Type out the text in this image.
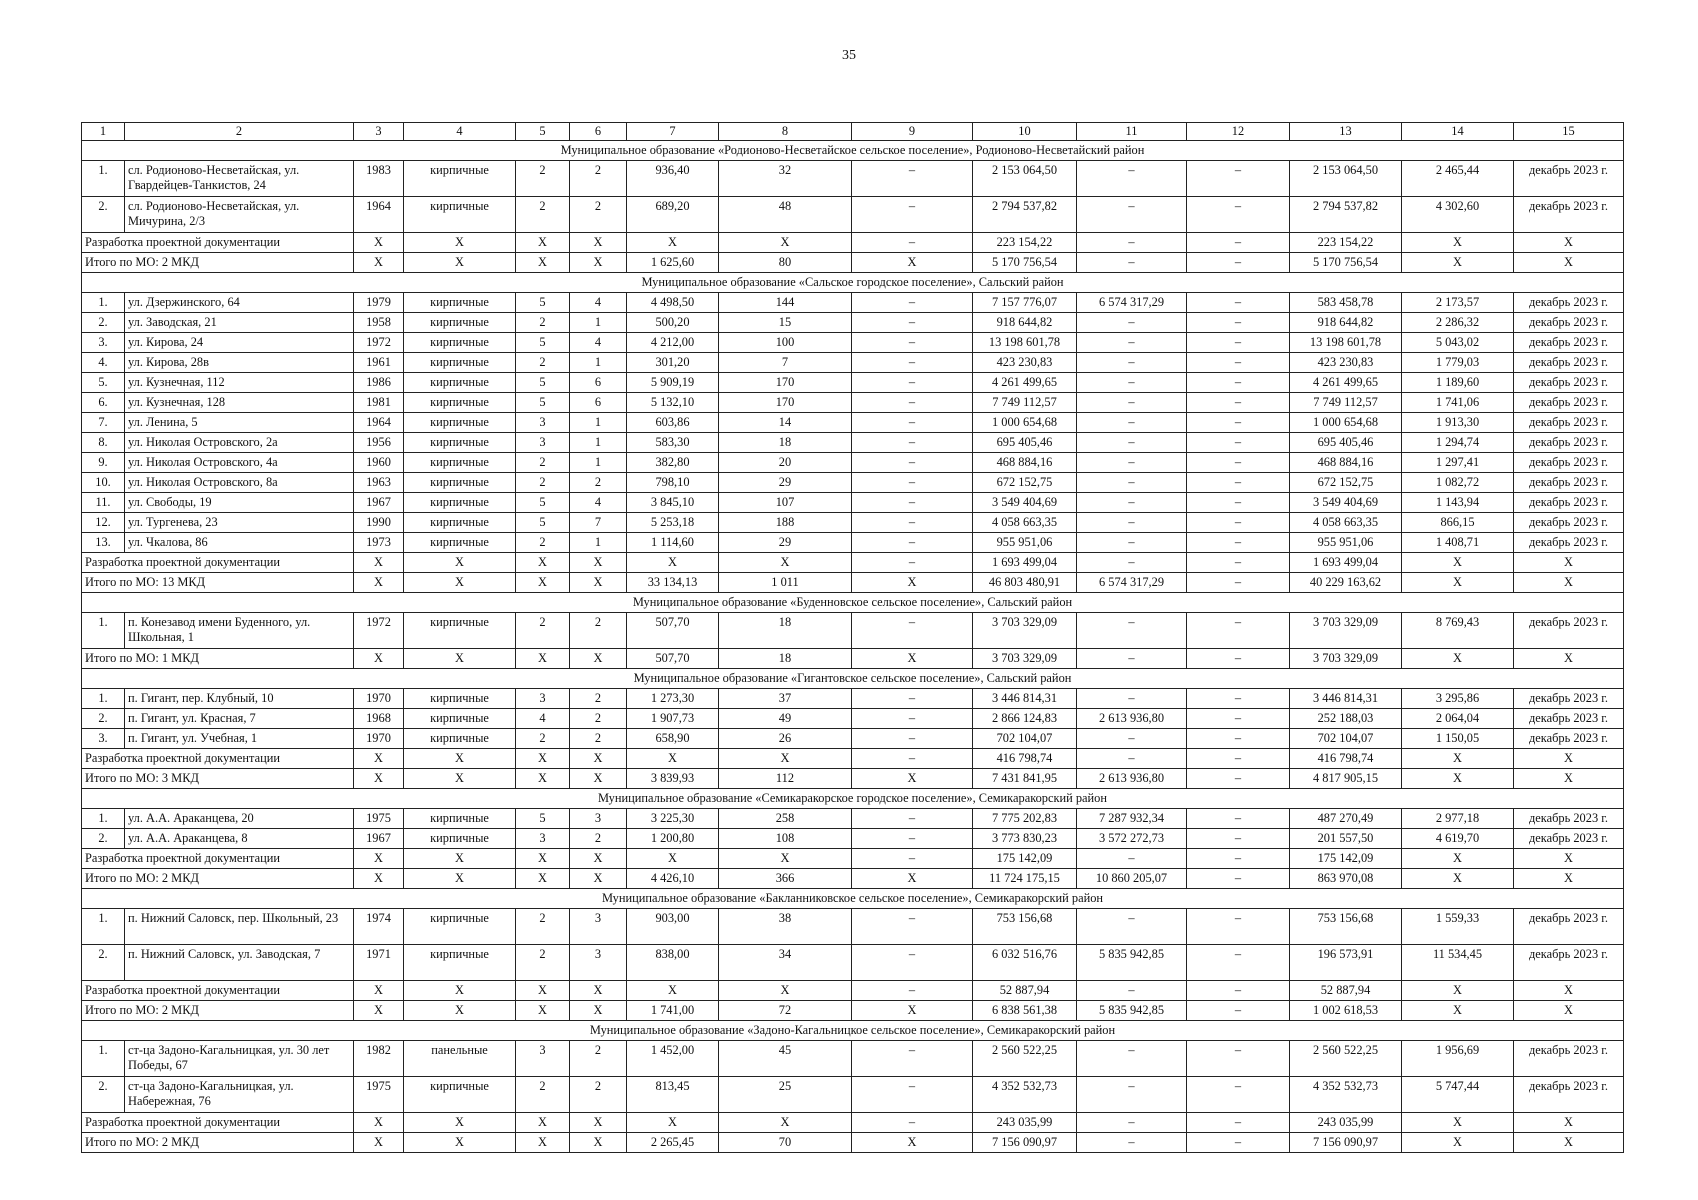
35
1	2	3	4	5	6	7	8	9	10	11	12	13	14	15
Муниципальное образование «Родионово-Несветайское сельское поселение», Родионово-Несветайский район														
1.	сл. Родионово-Несветайская, ул. Гвардейцев-Танкистов, 24	1983	кирпичные	2	2	936,40	32	–	2 153 064,50	–	–	2 153 064,50	2 465,44	декабрь 2023 г.
2.	сл. Родионово-Несветайская, ул. Мичурина, 2/3	1964	кирпичные	2	2	689,20	48	–	2 794 537,82	–	–	2 794 537,82	4 302,60	декабрь 2023 г.
Разработка проектной документации		X	X	X	X	X	X	–	223 154,22	–	–	223 154,22	X	X
Итого по МО: 2 МКД		X	X	X	X	1 625,60	80	X	5 170 756,54	–	–	5 170 756,54	X	X
Муниципальное образование «Сальское городское поселение», Сальский район														
1.	ул. Дзержинского, 64	1979	кирпичные	5	4	4 498,50	144	–	7 157 776,07	6 574 317,29	–	583 458,78	2 173,57	декабрь 2023 г.
2.	ул. Заводская, 21	1958	кирпичные	2	1	500,20	15	–	918 644,82	–	–	918 644,82	2 286,32	декабрь 2023 г.
3.	ул. Кирова, 24	1972	кирпичные	5	4	4 212,00	100	–	13 198 601,78	–	–	13 198 601,78	5 043,02	декабрь 2023 г.
4.	ул. Кирова, 28в	1961	кирпичные	2	1	301,20	7	–	423 230,83	–	–	423 230,83	1 779,03	декабрь 2023 г.
5.	ул. Кузнечная, 112	1986	кирпичные	5	6	5 909,19	170	–	4 261 499,65	–	–	4 261 499,65	1 189,60	декабрь 2023 г.
6.	ул. Кузнечная, 128	1981	кирпичные	5	6	5 132,10	170	–	7 749 112,57	–	–	7 749 112,57	1 741,06	декабрь 2023 г.
7.	ул. Ленина, 5	1964	кирпичные	3	1	603,86	14	–	1 000 654,68	–	–	1 000 654,68	1 913,30	декабрь 2023 г.
8.	ул. Николая Островского, 2а	1956	кирпичные	3	1	583,30	18	–	695 405,46	–	–	695 405,46	1 294,74	декабрь 2023 г.
9.	ул. Николая Островского, 4а	1960	кирпичные	2	1	382,80	20	–	468 884,16	–	–	468 884,16	1 297,41	декабрь 2023 г.
10.	ул. Николая Островского, 8а	1963	кирпичные	2	2	798,10	29	–	672 152,75	–	–	672 152,75	1 082,72	декабрь 2023 г.
11.	ул. Свободы, 19	1967	кирпичные	5	4	3 845,10	107	–	3 549 404,69	–	–	3 549 404,69	1 143,94	декабрь 2023 г.
12.	ул. Тургенева, 23	1990	кирпичные	5	7	5 253,18	188	–	4 058 663,35	–	–	4 058 663,35	866,15	декабрь 2023 г.
13.	ул. Чкалова, 86	1973	кирпичные	2	1	1 114,60	29	–	955 951,06	–	–	955 951,06	1 408,71	декабрь 2023 г.
Разработка проектной документации		X	X	X	X	X	X	–	1 693 499,04	–	–	1 693 499,04	X	X
Итого по МО: 13 МКД		X	X	X	X	33 134,13	1 011	X	46 803 480,91	6 574 317,29	–	40 229 163,62	X	X
Муниципальное образование «Буденновское сельское поселение», Сальский район														
1.	п. Конезавод имени Буденного, ул. Школьная, 1	1972	кирпичные	2	2	507,70	18	–	3 703 329,09	–	–	3 703 329,09	8 769,43	декабрь 2023 г.
Итого по МО: 1 МКД		X	X	X	X	507,70	18	X	3 703 329,09	–	–	3 703 329,09	X	X
Муниципальное образование «Гигантовское сельское поселение», Сальский район														
1.	п. Гигант, пер. Клубный, 10	1970	кирпичные	3	2	1 273,30	37	–	3 446 814,31	–	–	3 446 814,31	3 295,86	декабрь 2023 г.
2.	п. Гигант, ул. Красная, 7	1968	кирпичные	4	2	1 907,73	49	–	2 866 124,83	2 613 936,80	–	252 188,03	2 064,04	декабрь 2023 г.
3.	п. Гигант, ул. Учебная, 1	1970	кирпичные	2	2	658,90	26	–	702 104,07	–	–	702 104,07	1 150,05	декабрь 2023 г.
Разработка проектной документации		X	X	X	X	X	X	–	416 798,74	–	–	416 798,74	X	X
Итого по МО: 3 МКД		X	X	X	X	3 839,93	112	X	7 431 841,95	2 613 936,80	–	4 817 905,15	X	X
Муниципальное образование «Семикаракорское городское поселение», Семикаракорский район														
1.	ул. А.А. Араканцева, 20	1975	кирпичные	5	3	3 225,30	258	–	7 775 202,83	7 287 932,34	–	487 270,49	2 977,18	декабрь 2023 г.
2.	ул. А.А. Араканцева, 8	1967	кирпичные	3	2	1 200,80	108	–	3 773 830,23	3 572 272,73	–	201 557,50	4 619,70	декабрь 2023 г.
Разработка проектной документации		X	X	X	X	X	X	–	175 142,09	–	–	175 142,09	X	X
Итого по МО: 2 МКД		X	X	X	X	4 426,10	366	X	11 724 175,15	10 860 205,07	–	863 970,08	X	X
Муниципальное образование «Бакланниковское сельское поселение», Семикаракорский район														
1.	п. Нижний Саловск, пер. Школьный, 23	1974	кирпичные	2	3	903,00	38	–	753 156,68	–	–	753 156,68	1 559,33	декабрь 2023 г.
2.	п. Нижний Саловск, ул. Заводская, 7	1971	кирпичные	2	3	838,00	34	–	6 032 516,76	5 835 942,85	–	196 573,91	11 534,45	декабрь 2023 г.
Разработка проектной документации		X	X	X	X	X	X	–	52 887,94	–	–	52 887,94	X	X
Итого по МО: 2 МКД		X	X	X	X	1 741,00	72	X	6 838 561,38	5 835 942,85	–	1 002 618,53	X	X
Муниципальное образование «Задоно-Кагальницкое сельское поселение», Семикаракорский район														
1.	ст-ца Задоно-Кагальницкая, ул. 30 лет Победы, 67	1982	панельные	3	2	1 452,00	45	–	2 560 522,25	–	–	2 560 522,25	1 956,69	декабрь 2023 г.
2.	ст-ца Задоно-Кагальницкая, ул. Набережная, 76	1975	кирпичные	2	2	813,45	25	–	4 352 532,73	–	–	4 352 532,73	5 747,44	декабрь 2023 г.
Разработка проектной документации		X	X	X	X	X	X	–	243 035,99	–	–	243 035,99	X	X
Итого по МО: 2 МКД		X	X	X	X	2 265,45	70	X	7 156 090,97	–	–	7 156 090,97	X	X
